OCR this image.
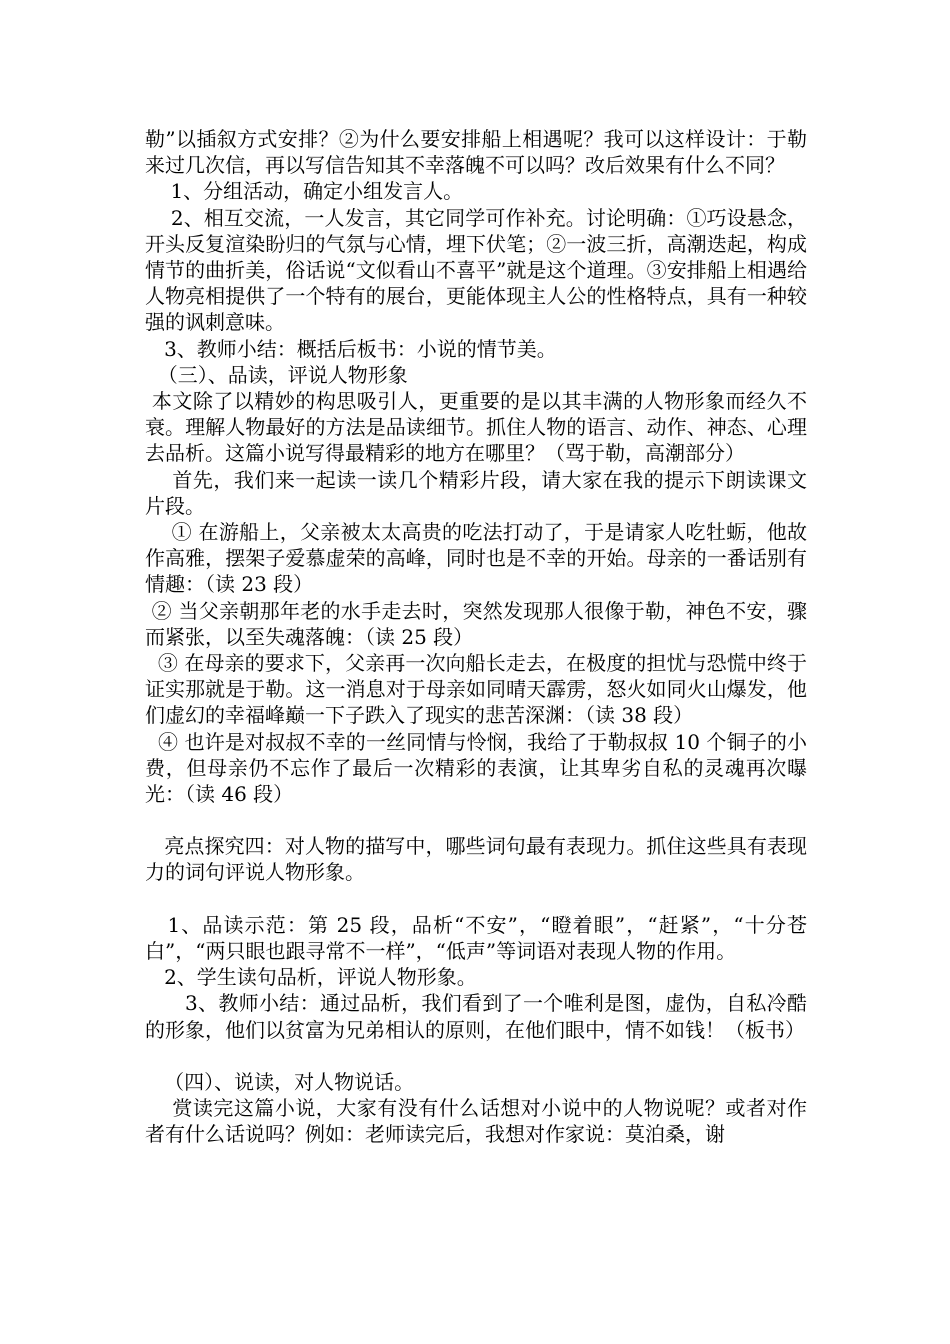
勒”以插叙方式安排？②为什么要安排船上相遇呢？我可以这样设计：于勒来过几次信，再以写信告知其不幸落魄不可以吗？改后效果有什么不同？

1、分组活动，确定小组发言人。

2、相互交流，一人发言，其它同学可作补充。讨论明确：①巧设悬念，开头反复渲染盼归的气氛与心情，埋下伏笔；②一波三折，高潮迭起，构成情节的曲折美，俗话说“文似看山不喜平”就是这个道理。③安排船上相遇给人物亮相提供了一个特有的展台，更能体现主人公的性格特点，具有一种较强的讽刺意味。

3、教师小结：概括后板书：小说的情节美。

（三）、品读，评说人物形象

本文除了以精妙的构思吸引人，更重要的是以其丰满的人物形象而经久不衰。理解人物最好的方法是品读细节。抓住人物的语言、动作、神态、心理去品析。这篇小说写得最精彩的地方在哪里？（骂于勒，高潮部分）

首先，我们来一起读一读几个精彩片段，请大家在我的提示下朗读课文片段。

① 在游船上，父亲被太太高贵的吃法打动了，于是请家人吃牡蛎，他故作高雅，摆架子爱慕虚荣的高峰，同时也是不幸的开始。母亲的一番话别有情趣：（读 23 段）

② 当父亲朝那年老的水手走去时，突然发现那人很像于勒，神色不安，骤而紧张，以至失魂落魄：（读 25 段）

③ 在母亲的要求下，父亲再一次向船长走去，在极度的担忧与恐慌中终于证实那就是于勒。这一消息对于母亲如同晴天霹雳，怒火如同火山爆发，他们虚幻的幸福峰巅一下子跌入了现实的悲苦深渊：（读 38 段）

④ 也许是对叔叔不幸的一丝同情与怜悯，我给了于勒叔叔 10 个铜子的小费，但母亲仍不忘作了最后一次精彩的表演，让其卑劣自私的灵魂再次曝光：（读 46 段）

亮点探究四：对人物的描写中，哪些词句最有表现力。抓住这些具有表现力的词句评说人物形象。

1、品读示范：第 25 段，品析“不安”，“瞪着眼”，“赶紧”，“十分苍白”，“两只眼也跟寻常不一样”，“低声”等词语对表现人物的作用。

2、学生读句品析，评说人物形象。

3、教师小结：通过品析，我们看到了一个唯利是图，虚伪，自私冷酷的形象，他们以贫富为兄弟相认的原则，在他们眼中，情不如钱！（板书）

（四）、说读，对人物说话。

赏读完这篇小说，大家有没有什么话想对小说中的人物说呢？或者对作者有什么话说吗？例如：老师读完后，我想对作家说：莫泊桑，谢
